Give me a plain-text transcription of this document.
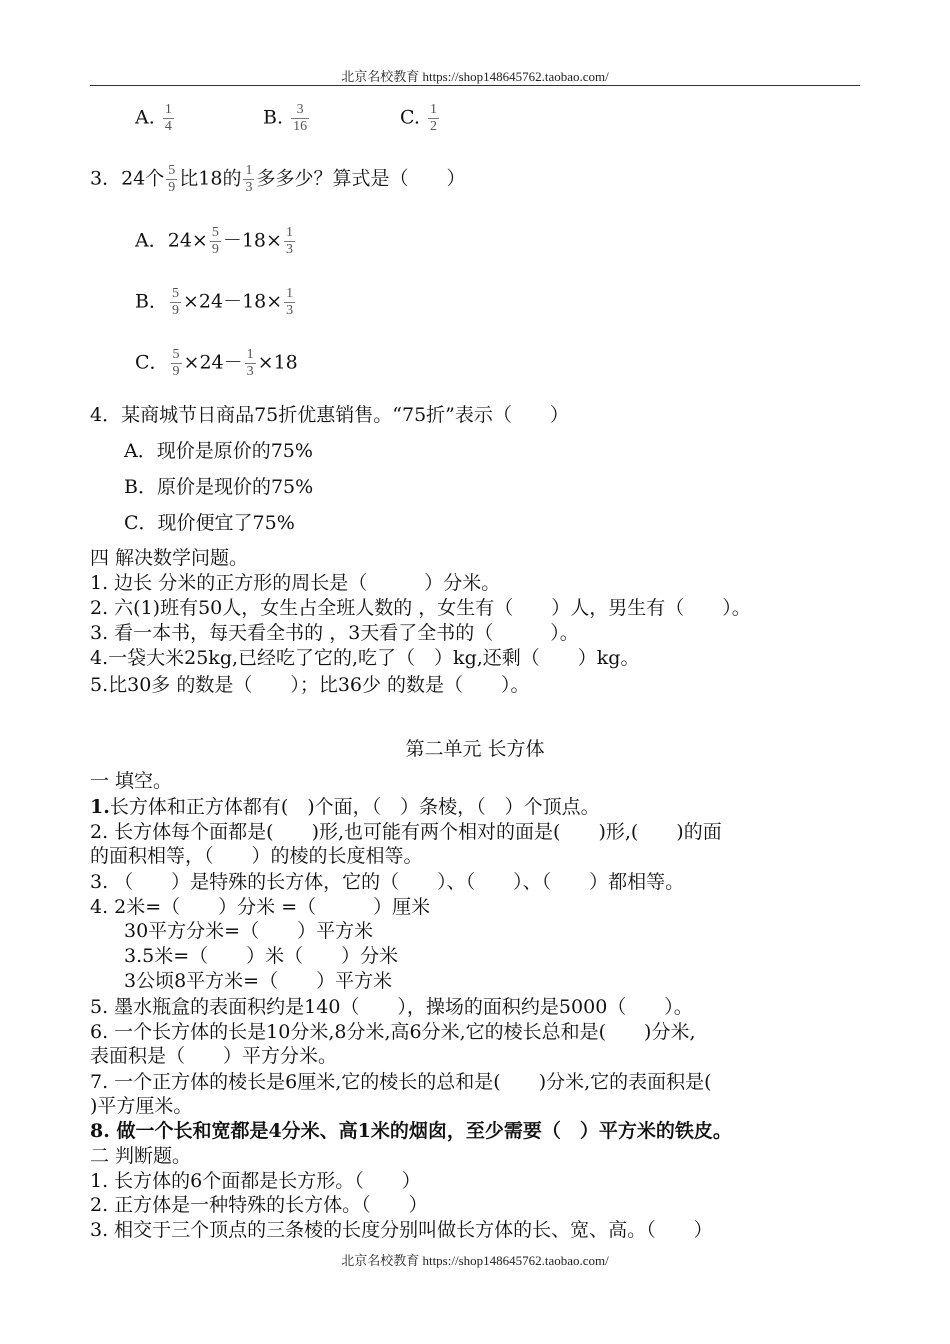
北京名校教育 https://shop148645762.taobao.com/
A. $\frac{1}{4}$	B. $\frac{3}{16}$	C. $\frac{1}{2}$
3．24个 $\frac{5}{9}$ 比18的 $\frac{1}{3}$ 多多少？算式是（　　）
A．$24\times \frac{5}{9} -18\times \frac{1}{3}$
B． $\frac{5}{9} \times 24-18\times \frac{1}{3}$
C． $\frac{5}{9} \times 24- \frac{1}{3} \times 18$
4．某商城节日商品75折优惠销售。“75折”表示（　　）
A．现价是原价的75%
B．原价是现价的75%
C．现价便宜了75%
四 解决数学问题。
1. 边长 分米的正方形的周长是（　　　）分米。
2. 六(1)班有50人，女生占全班人数的 ，女生有（　　）人，男生有（　　）。
3. 看一本书，每天看全书的 ，3天看了全书的（　　　）。
4.一袋大米25kg,已经吃了它的,吃了（　）kg,还剩（　　）kg。
5.比30多 的数是（　　）；比36少 的数是（　　）。
第二单元 长方体
一 填空。
1.长方体和正方体都有(　)个面，（　）条棱，（　）个顶点。
2. 长方体每个面都是(　　)形,也可能有两个相对的面是(　　)形,(　　)的面
的面积相等，（　　）的棱的长度相等。
3. （　　）是特殊的长方体，它的（　　）、（　　）、（　　）都相等。
4. 2米=（　　）分米 =（　　　）厘米
30平方分米=（　　）平方米
3.5米=（　　）米（　　）分米
3公顷8平方米=（　　）平方米
5. 墨水瓶盒的表面积约是140（　　），操场的面积约是5000（　　）。
6. 一个长方体的长是10分米,8分米,高6分米,它的棱长总和是(　　)分米,
表面积是（　　）平方分米。
7. 一个正方体的棱长是6厘米,它的棱长的总和是(　　)分米,它的表面积是(
)平方厘米。
8. 做一个长和宽都是4分米、高1米的烟囱，至少需要（　）平方米的铁皮。
二 判断题。
1. 长方体的6个面都是长方形。（　　）
2. 正方体是一种特殊的长方体。（　　）
3. 相交于三个顶点的三条棱的长度分别叫做长方体的长、宽、高。（　　）
北京名校教育 https://shop148645762.taobao.com/
